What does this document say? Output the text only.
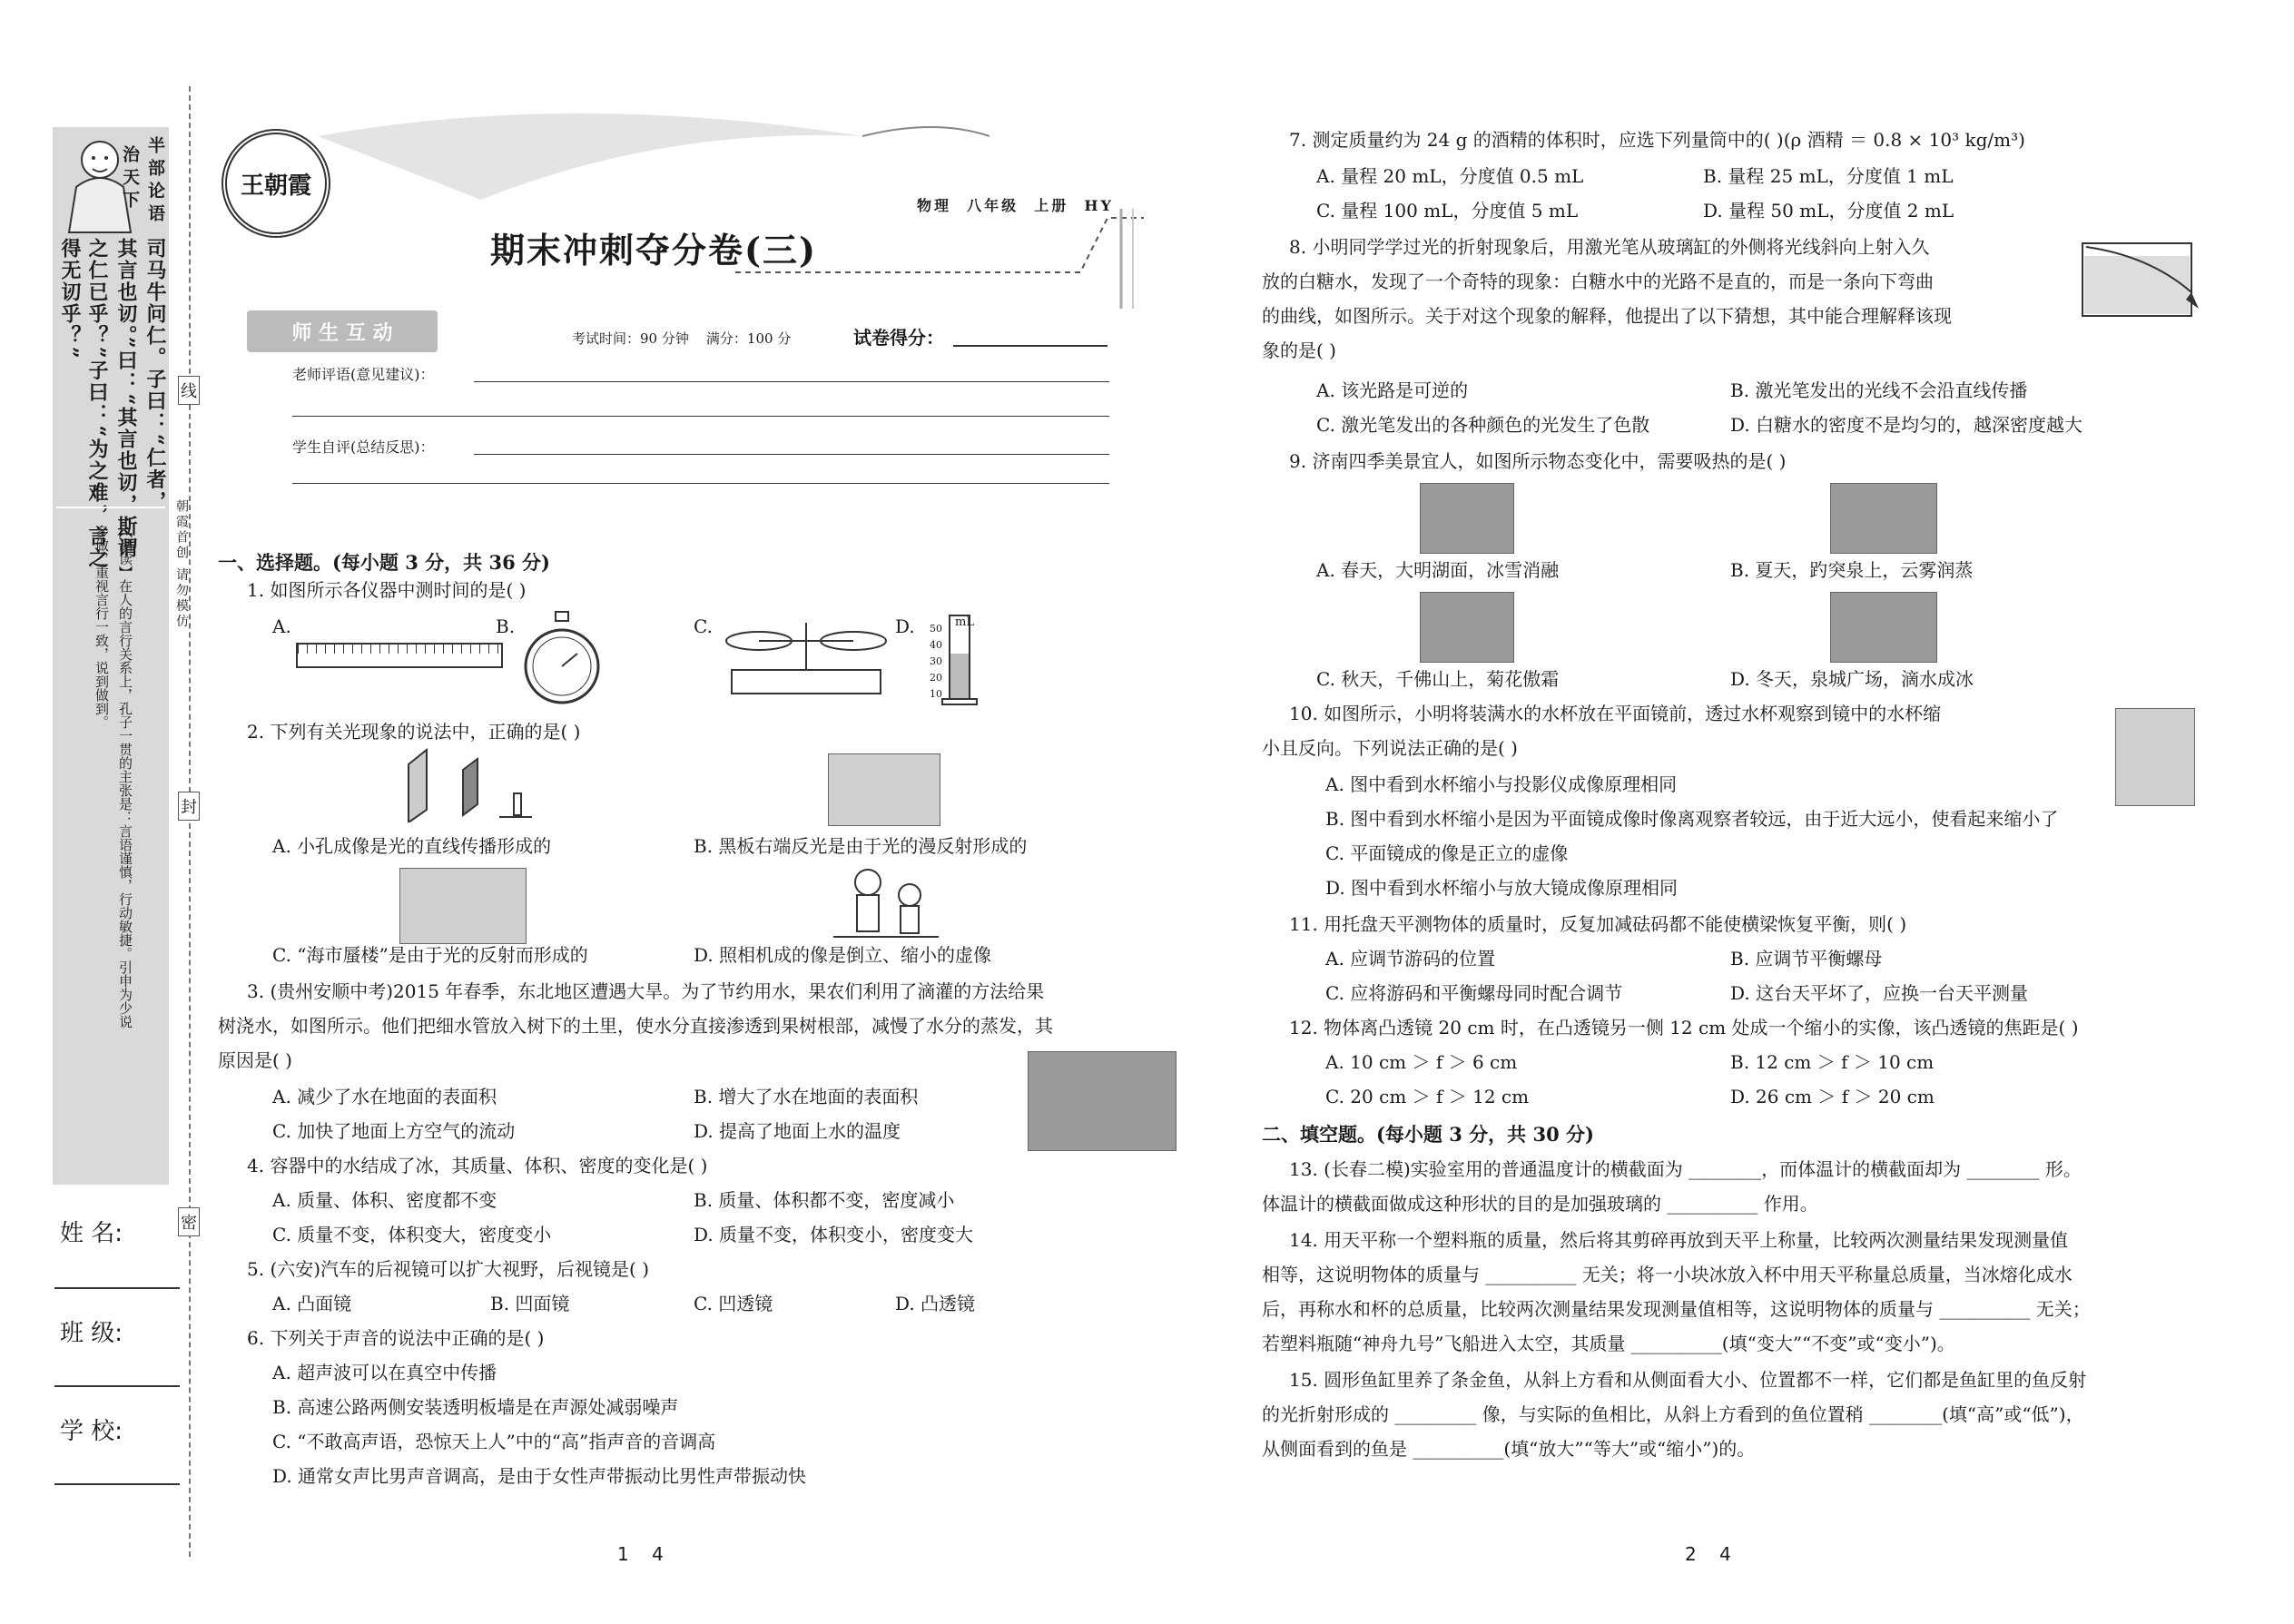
半部论语
治天下
司马牛问仁。子曰：“仁者，
其言也讱。”曰：“其言也讱，斯谓
之仁已乎？”子曰：“为之难，言之
得无讱乎？”
【品读】在人的言行关系上，孔子一贯的主张是：言语谨慎，行动敏捷。引申为少说
多做，重视言行一致，说到做到。
姓 名:
班 级:
学 校:
线
封
密
朝霞首创 请勿模仿
王朝霞
期末冲刺夺分卷(三)
物理  八年级  上册  HY
师 生 互 动	考试时间：90 分钟    满分：100 分	试卷得分：
老师评语(意见建议)：
学生自评(总结反思)：
一、选择题。(每小题 3 分，共 36 分)
1. 如图所示各仪器中测时间的是( )
A.	B.	C.	D.	mL
50
40
30
20
10
2. 下列有关光现象的说法中，正确的是( )
A. 小孔成像是光的直线传播形成的	B. 黑板右端反光是由于光的漫反射形成的
C. “海市蜃楼”是由于光的反射而形成的	D. 照相机成的像是倒立、缩小的虚像
3. (贵州安顺中考)2015 年春季，东北地区遭遇大旱。为了节约用水，果农们利用了滴灌的方法给果
树浇水，如图所示。他们把细水管放入树下的土里，使水分直接渗透到果树根部，减慢了水分的蒸发，其
原因是( )
A. 减少了水在地面的表面积	B. 增大了水在地面的表面积
C. 加快了地面上方空气的流动	D. 提高了地面上水的温度
4. 容器中的水结成了冰，其质量、体积、密度的变化是( )
A. 质量、体积、密度都不变	B. 质量、体积都不变，密度减小
C. 质量不变，体积变大，密度变小	D. 质量不变，体积变小，密度变大
5. (六安)汽车的后视镜可以扩大视野，后视镜是( )
A. 凸面镜	B. 凹面镜	C. 凹透镜	D. 凸透镜
6. 下列关于声音的说法中正确的是( )
A. 超声波可以在真空中传播
B. 高速公路两侧安装透明板墙是在声源处减弱噪声
C. “不敢高声语，恐惊天上人”中的“高”指声音的音调高
D. 通常女声比男声音调高，是由于女性声带振动比男性声带振动快
1    4
7. 测定质量约为 24 g 的酒精的体积时，应选下列量筒中的( )(ρ 酒精 ＝ 0.8 × 10³ kg/m³)
A. 量程 20 mL，分度值 0.5 mL	B. 量程 25 mL，分度值 1 mL
C. 量程 100 mL，分度值 5 mL	D. 量程 50 mL，分度值 2 mL
8. 小明同学学过光的折射现象后，用激光笔从玻璃缸的外侧将光线斜向上射入久
放的白糖水，发现了一个奇特的现象：白糖水中的光路不是直的，而是一条向下弯曲
的曲线，如图所示。关于对这个现象的解释，他提出了以下猜想，其中能合理解释该现
象的是( )
A. 该光路是可逆的	B. 激光笔发出的光线不会沿直线传播
C. 激光笔发出的各种颜色的光发生了色散	D. 白糖水的密度不是均匀的，越深密度越大
9. 济南四季美景宜人，如图所示物态变化中，需要吸热的是( )
A. 春天，大明湖面，冰雪消融	B. 夏天，趵突泉上，云雾润蒸
C. 秋天，千佛山上，菊花傲霜	D. 冬天，泉城广场，滴水成冰
10. 如图所示，小明将装满水的水杯放在平面镜前，透过水杯观察到镜中的水杯缩
小且反向。下列说法正确的是( )
A. 图中看到水杯缩小与投影仪成像原理相同
B. 图中看到水杯缩小是因为平面镜成像时像离观察者较远，由于近大远小，使看起来缩小了
C. 平面镜成的像是正立的虚像
D. 图中看到水杯缩小与放大镜成像原理相同
11. 用托盘天平测物体的质量时，反复加减砝码都不能使横梁恢复平衡，则( )
A. 应调节游码的位置	B. 应调节平衡螺母
C. 应将游码和平衡螺母同时配合调节	D. 这台天平坏了，应换一台天平测量
12. 物体离凸透镜 20 cm 时，在凸透镜另一侧 12 cm 处成一个缩小的实像，该凸透镜的焦距是( )
A. 10 cm ＞ f ＞ 6 cm	B. 12 cm ＞ f ＞ 10 cm
C. 20 cm ＞ f ＞ 12 cm	D. 26 cm ＞ f ＞ 20 cm
二、填空题。(每小题 3 分，共 30 分)
13. (长春二模)实验室用的普通温度计的横截面为 ________，而体温计的横截面却为 ________ 形。
体温计的横截面做成这种形状的目的是加强玻璃的 __________ 作用。
14. 用天平称一个塑料瓶的质量，然后将其剪碎再放到天平上称量，比较两次测量结果发现测量值
相等，这说明物体的质量与 __________ 无关；将一小块冰放入杯中用天平称量总质量，当冰熔化成水
后，再称水和杯的总质量，比较两次测量结果发现测量值相等，这说明物体的质量与 __________ 无关；
若塑料瓶随“神舟九号”飞船进入太空，其质量 __________(填“变大”“不变”或“变小”)。
15. 圆形鱼缸里养了条金鱼，从斜上方看和从侧面看大小、位置都不一样，它们都是鱼缸里的鱼反射
的光折射形成的 _________ 像，与实际的鱼相比，从斜上方看到的鱼位置稍 ________(填“高”或“低”)，
从侧面看到的鱼是 __________(填“放大”“等大”或“缩小”)的。
2    4
